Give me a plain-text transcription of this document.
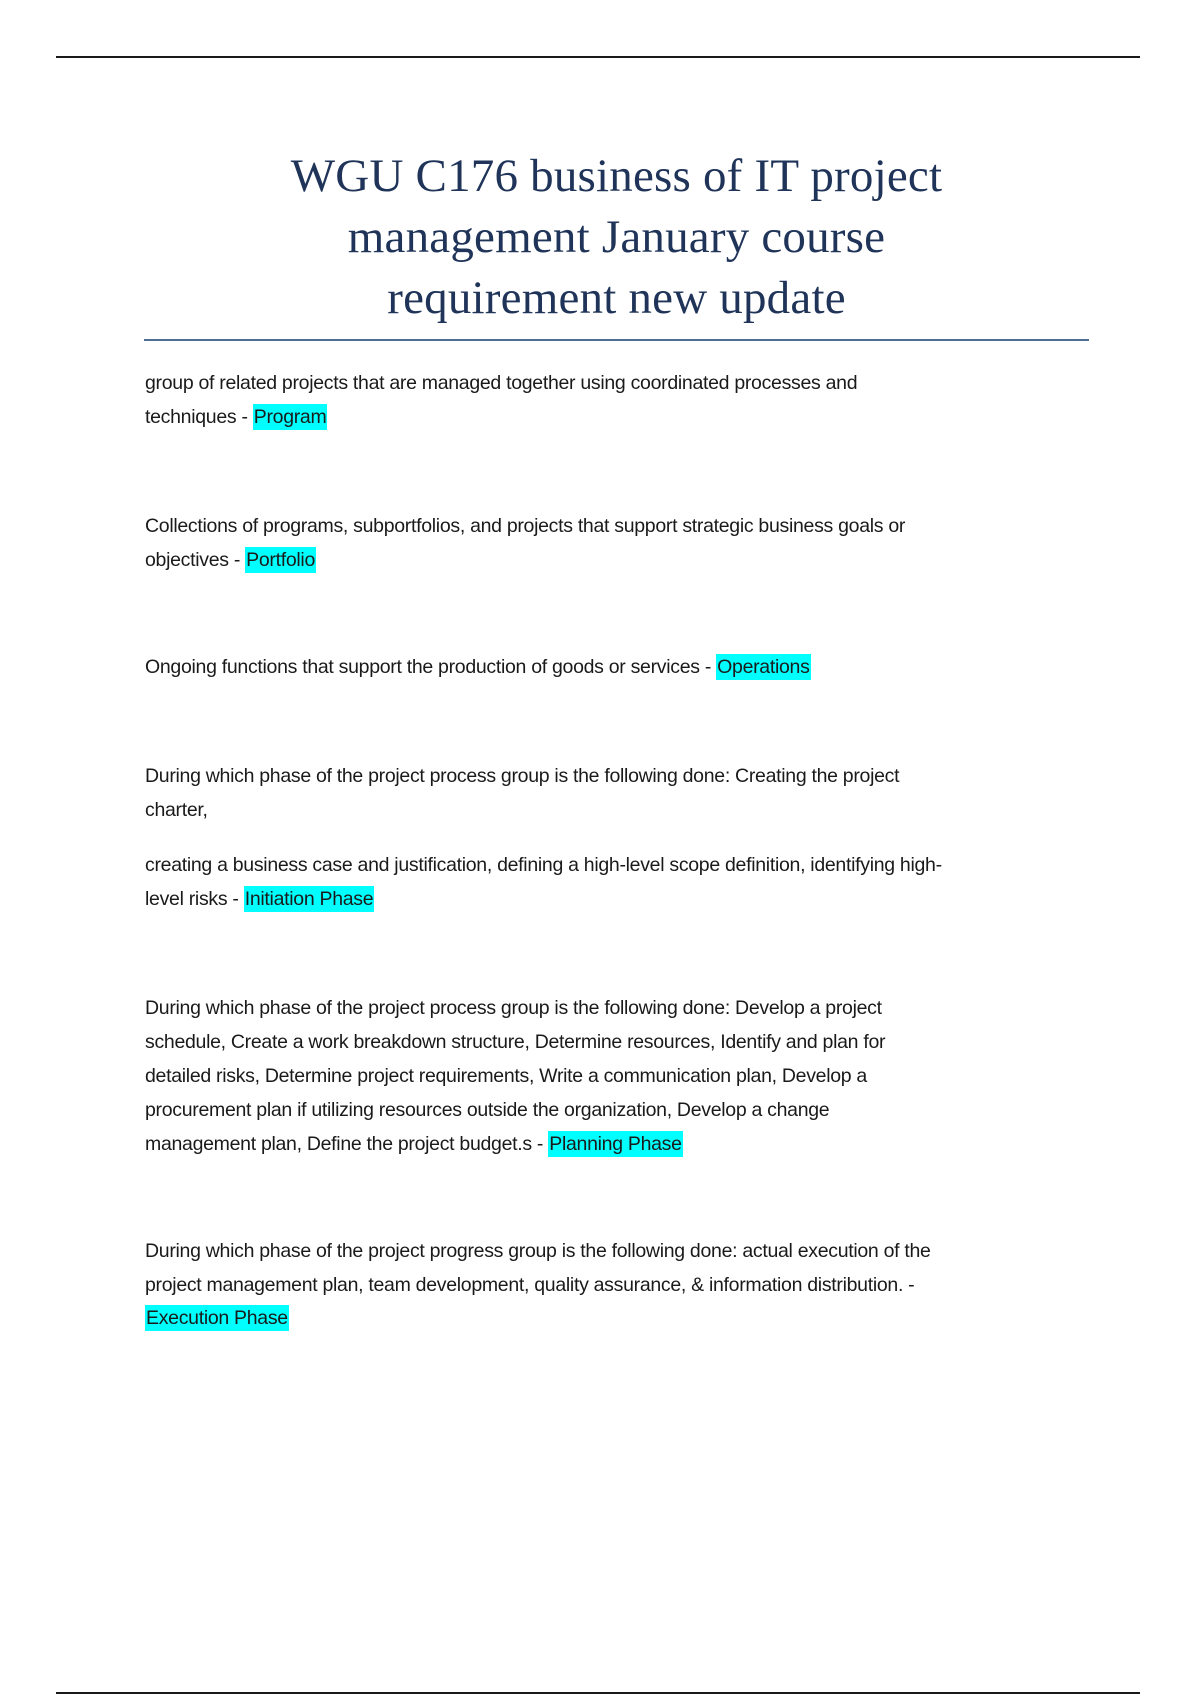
WGU C176 business of IT project
management January course
requirement new update
group of related projects that are managed together using coordinated processes and
techniques - Program
Collections of programs, subportfolios, and projects that support strategic business goals or
objectives - Portfolio
Ongoing functions that support the production of goods or services - Operations
During which phase of the project process group is the following done: Creating the project
charter,
creating a business case and justification, defining a high-level scope definition, identifying high-
level risks - Initiation Phase
During which phase of the project process group is the following done: Develop a project
schedule, Create a work breakdown structure, Determine resources, Identify and plan for
detailed risks, Determine project requirements, Write a communication plan, Develop a
procurement plan if utilizing resources outside the organization, Develop a change
management plan, Define the project budget.s - Planning Phase
During which phase of the project progress group is the following done: actual execution of the
project management plan, team development, quality assurance, & information distribution. -
Execution Phase
